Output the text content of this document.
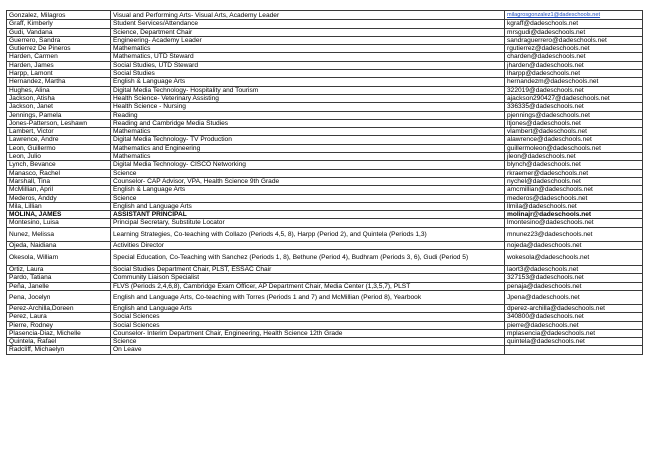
Gonzalez, Milagros	Visual and Performing Arts- Visual Arts, Academy Leader	milagrosgonzalez1@dadeschools.net
Graff, Kimberly	Student Services/Attendance	kgraff@dadeschools.net
Gudi, Vandana	Science, Department Chair	mrsgudi@dadeschools.net
Guerrero, Sandra	Engineering- Academy Leader	sandraguerrero@dadeschools.net
Gutierrez De Pineros	Mathematics	rgutierrez@dadeschools.net
Harden, Carmen	Mathematics, UTD Steward	charden@dadeschools.net
Harden, James	Social Studies, UTD Steward	jharden@dadeschools.net
Harpp, Lamont	Social Studies	lharpp@dadeschools.net
Hernandez, Martha	English & Language Arts	hernandezm@dadeschools.net
Hughes, Alina	Digital Media Technology- Hospitality and Tourism	322019@dadeschools.net
Jackson, Atisha	Health Science- Veterinary Assisting	ajackson290427@dadeschools.net
Jackson, Janet	Health Science - Nursing	336335@dadeschools.net
Jennings, Pamela	Reading	pjennings@dadeschools.net
Jones-Patterson, Leshawn	Reading and Cambridge Media Studies	ltjones@dadeschools.net
Lambert, Victor	Mathematics	vlambert@dadeschools.net
Lawrence, Andre	Digital Media Technology- TV Production	alawrence@dadeschools.net
Leon, Guillermo	Mathematics and Engineering	guillermoleon@dadeschools.net
Leon, Julio	Mathematics	jleon@dadeschools.net
Lynch, Bevance	Digital Media Technology- CISCO Networking	blynch@dadeschools.net
Manasco, Rachel	Science	rkraemer@dadeschools.net
Marshall, Tina	Counselor- CAP Advisor, VPA, Health Science 9th Grade	nychel@dadeschools.net
McMillian, April	English & Language Arts	amcmillian@dadeschools.net
Mederos, Anddy	Science	mederos@dadeschools.net
Mila, Lillian	English and Language Arts	llmila@dadeschools.net
MOLINA, JAMES	ASSISTANT PRINCIPAL	molinajr@dadeschools.net
Montesino, Luisa	Principal Secretary, Substitute Locator	lmontesino@dadeschools.net
Nunez, Melissa	Learning Strategies, Co-teaching with Collazo (Periods 4,5, 8), Harpp (Period 2), and Quintela (Periods 1,3)	mnunez23@dadeschools.net
Ojeda, Naidiana	Activities Director	nojeda@dadeschools.net
Okesola, William	Special Education, Co-Teaching with Sanchez (Periods 1, 8), Bethune (Period 4), Budhram (Periods 3, 6), Gudi (Period 5)	wokesola@dadeschools.net
Ortiz, Laura	Social Studies Department Chair, PLST, ESSAC Chair	laort3@dadeschools.net
Pardo, Tatiana	Community Liaison Specialist	327153@dadeschools.net
Peña, Janelle	FLVS (Periods 2,4,6,8), Cambridge Exam Officer, AP Department Chair, Media Center (1,3,5,7), PLST	penaja@dadeschools.net
Pena, Jocelyn	English and Language Arts, Co-teaching with Torres (Periods 1 and 7) and McMillian (Period 8), Yearbook	Jpena@dadeschools.net
Perez-Archilla,Doreen	English and Language Arts	dperez-archilla@dadeschools.net
Perez, Laura	Social Sciences	340800@dadeschools.net
Pierre, Rodney	Social Sciences	pierre@dadeschools.net
Plasencia-Diaz, Michelle	Counselor- Interim Department Chair, Engineering, Health Science 12th Grade	mplasencia@dadeschools.net
Quintela, Rafael	Science	quintela@dadeschools.net
Radcliff, Michaelyn	On Leave	
